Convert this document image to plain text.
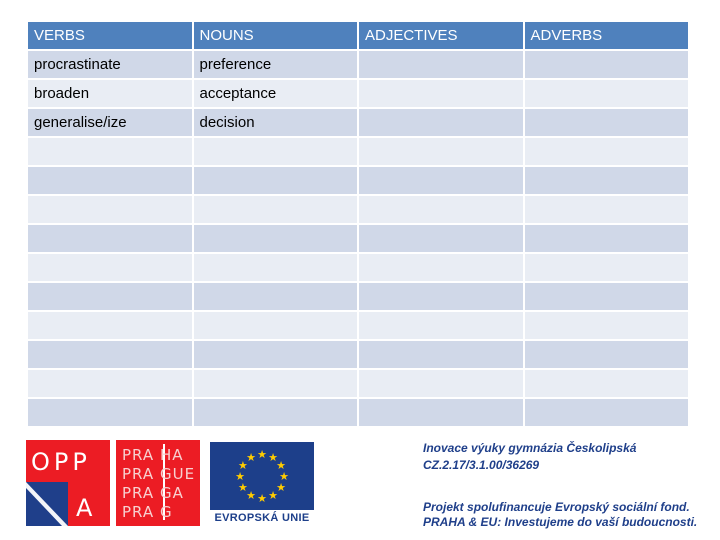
VERBS	NOUNS	ADJECTIVES	ADVERBS
procrastinate	preference		
broaden	acceptance		
generalise/ize	decision		

OPP
A
PRA HA
PRA GUE
PRA GA
PRA G
★ ★
★
★
★
★
★
★
★
★
★
★
EVROPSKÁ UNIE
Inovace výuky gymnázia Českolipská
CZ.2.17/3.1.00/36269
Projekt spolufinancuje Evropský sociální fond.
PRAHA & EU: Investujeme do vaší budoucnosti.
